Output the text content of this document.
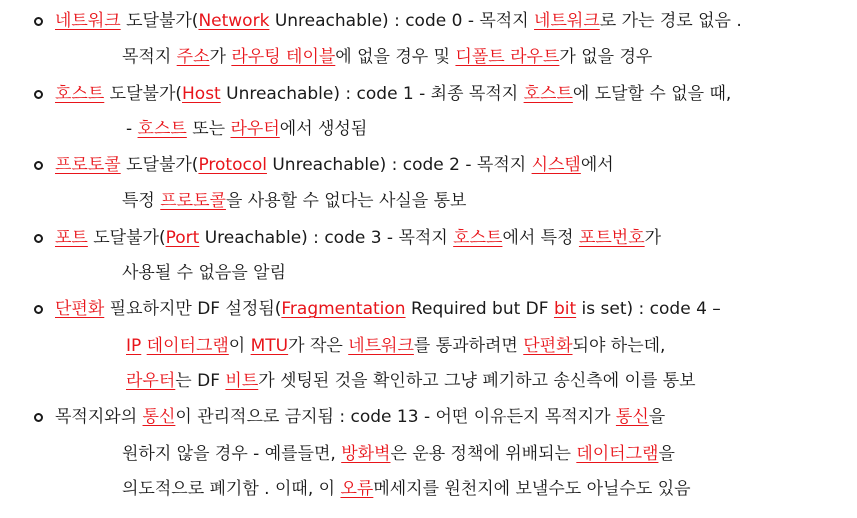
네트워크 도달불가(Network Unreachable) : code 0 - 목적지 네트워크로 가는 경로 없음 .
목적지 주소가 라우팅 테이블에 없을 경우 및 디폴트 라우트가 없을 경우
호스트 도달불가(Host Unreachable) : code 1 - 최종 목적지 호스트에 도달할 수 없을 때,
- 호스트 또는 라우터에서 생성됨
프로토콜 도달불가(Protocol Unreachable) : code 2 - 목적지 시스템에서
특정 프로토콜을 사용할 수 없다는 사실을 통보
포트 도달불가(Port Ureachable) : code 3 - 목적지 호스트에서 특정 포트번호가
사용될 수 없음을 알림
단편화 필요하지만 DF 설정됨(Fragmentation Required but DF bit is set) : code 4 –
IP 데이터그램이 MTU가 작은 네트워크를 통과하려면 단편화되야 하는데,
라우터는 DF 비트가 셋팅된 것을 확인하고 그냥 폐기하고 송신측에 이를 통보
목적지와의 통신이 관리적으로 금지됨 : code 13 - 어떤 이유든지 목적지가 통신을
원하지 않을 경우 - 예를들면, 방화벽은 운용 정책에 위배되는 데이터그램을
의도적으로 폐기함 . 이때, 이 오류메세지를 원천지에 보낼수도 아닐수도 있음
